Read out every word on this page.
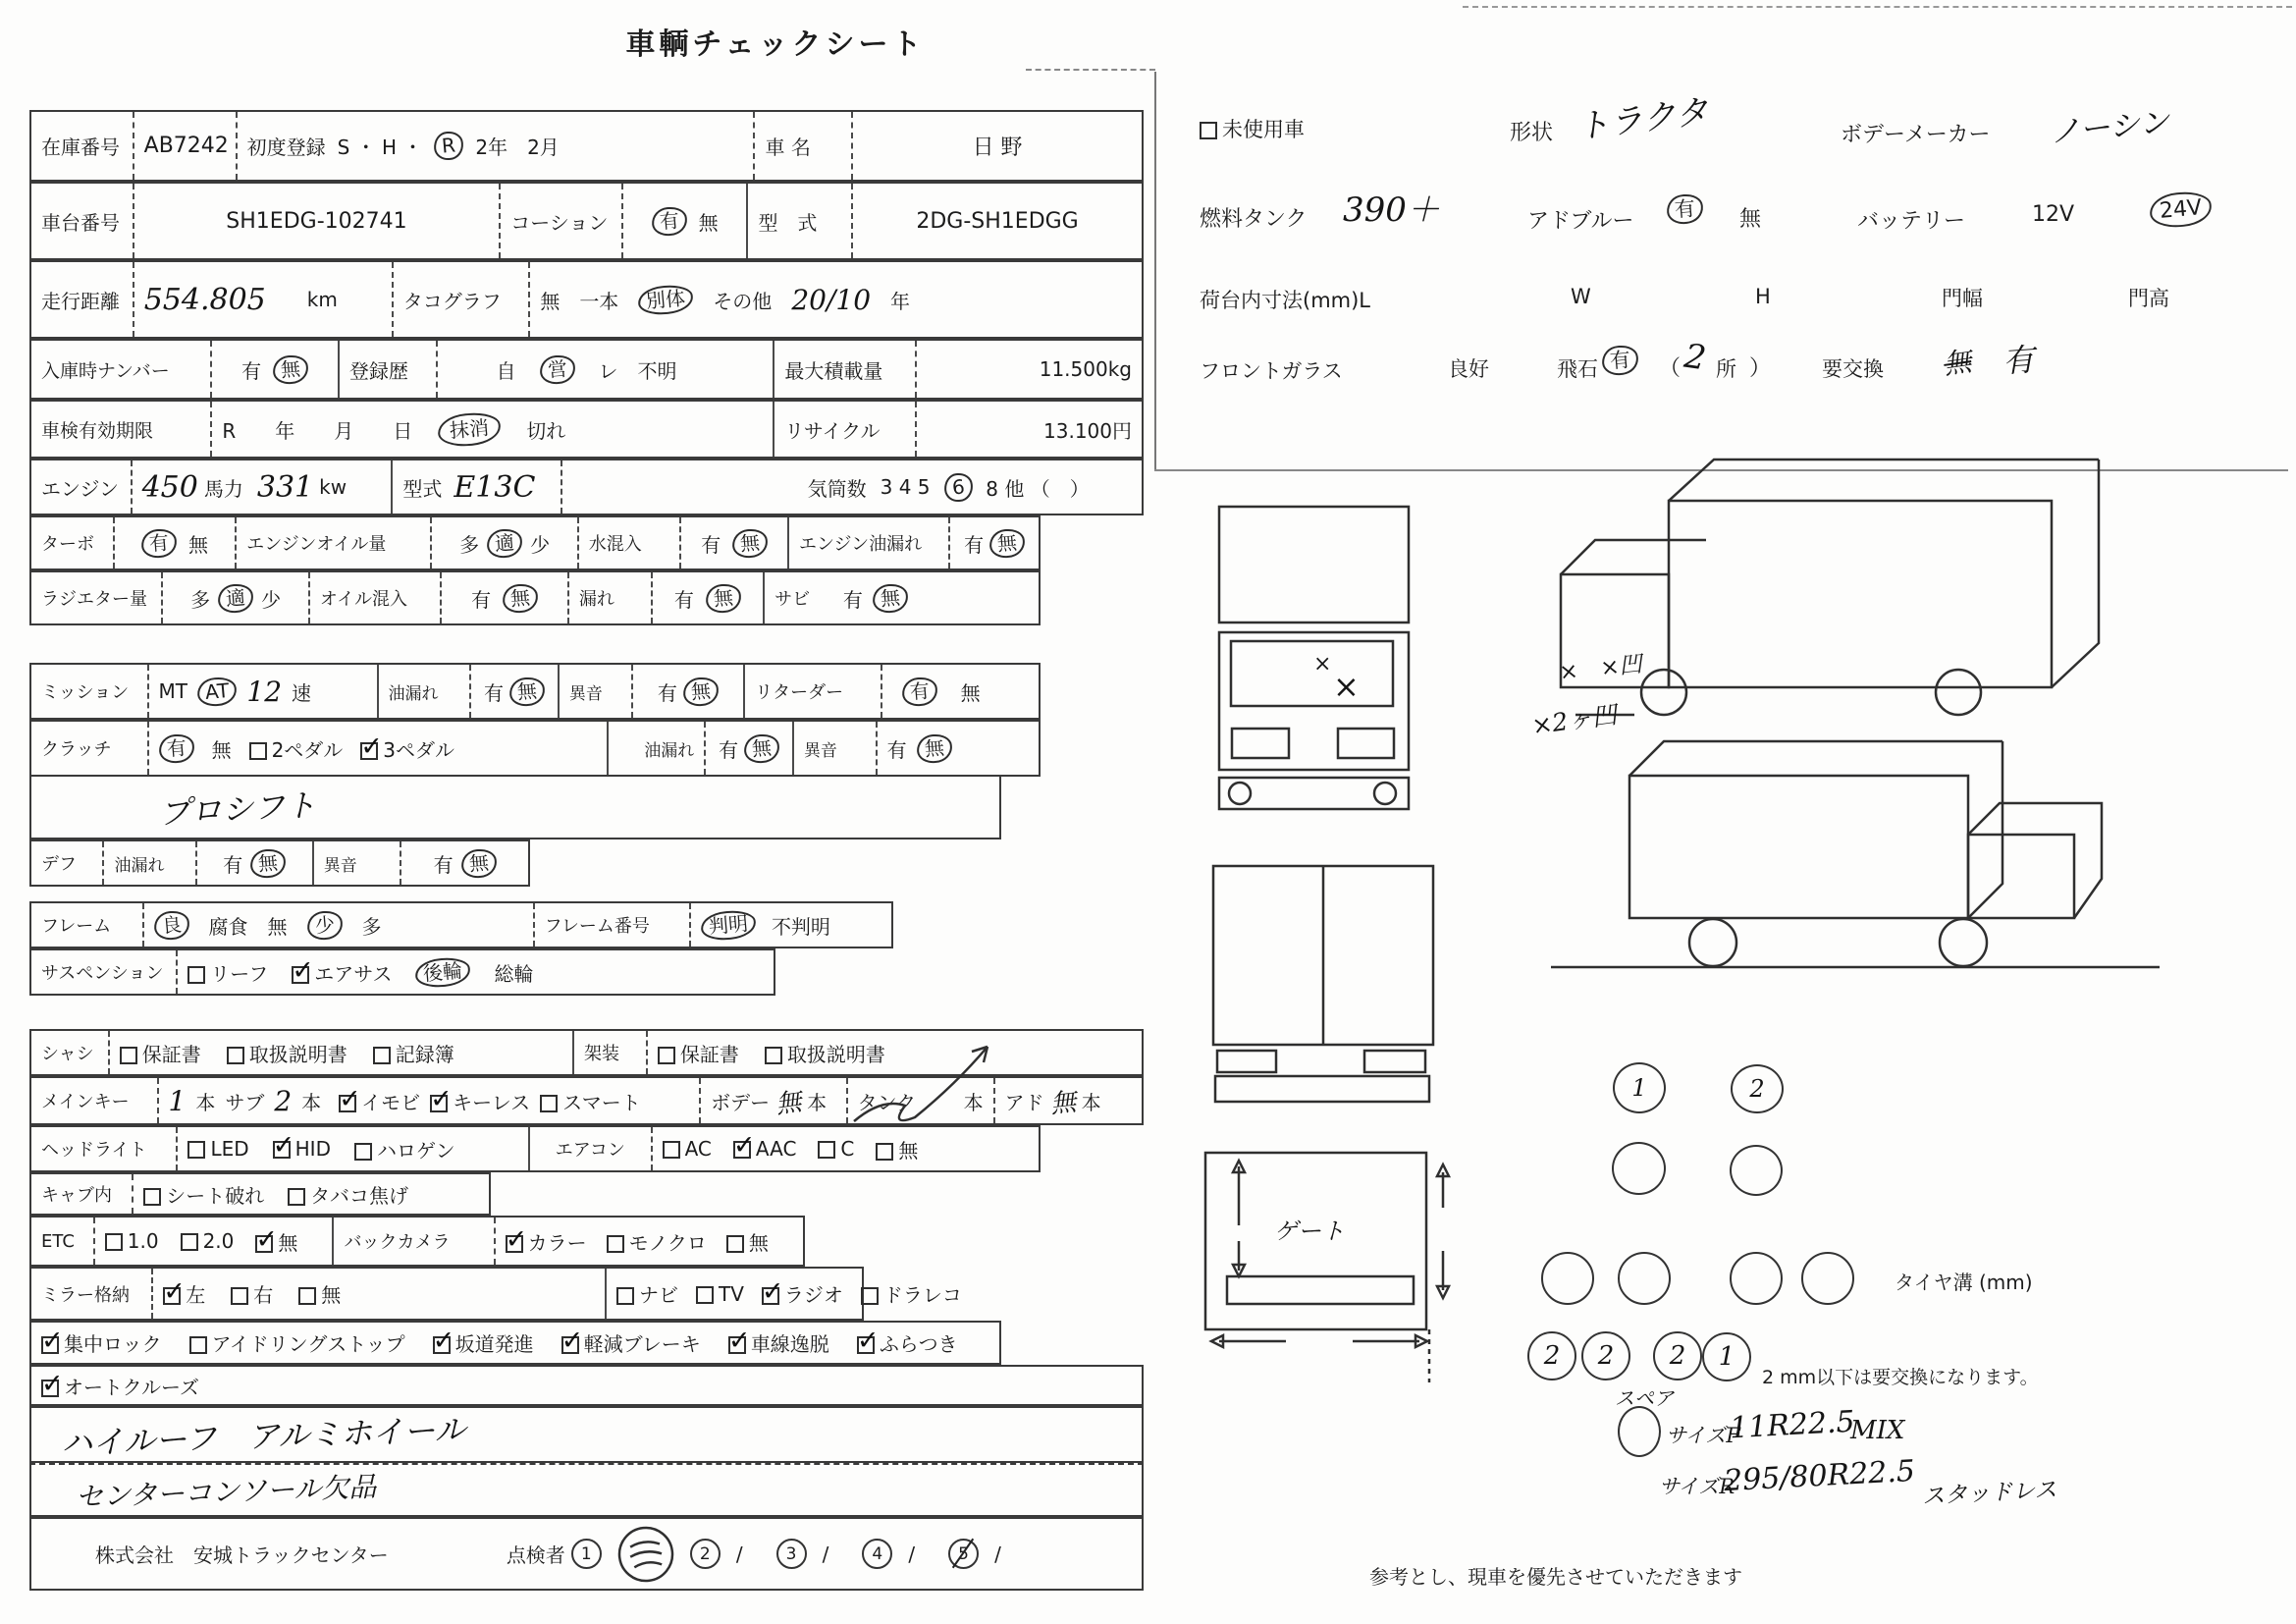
車輌チェックシート
在庫番号 AB7242 初度登録 S ・ H ・ R 2年　2月	車 名	日 野
車台番号	SH1EDG-102741	コーション	有 無 型　式	2DG-SH1EDGG
走行距離 554.805 km	タコグラフ 無 一本	別体	その他 20/10 年
入庫時ナンバー	有 無	登録歴	自	営	レ　不明	最大積載量	11.500kg
車検有効期限	R　　年　　月　　日	抹消	切れ	リサイクル	13.100円
エンジン 450 馬力 331 kw	型式 E13C	気筒数 3 4 5	6	8 他 （　）
ターボ	有 無 エンジンオイル量	多 適 少 水混入	有 無	エンジン油漏れ 有 無
ラジエター量 多 適 少 オイル混入	有 無	漏れ	有 無	サビ 有 無
ミッション MT AT 12 速	油漏れ 有 無	異音	有 無	リターダー	有	無
クラッチ	有	無	2ペダル ✓	3ペダル	油漏れ 有 無	異音	有 無
プロシフト
デフ 油漏れ	有 無	異音	有 無
フレーム	良	腐食 無	少	多	フレーム番号	判明	不判明
サスペンション	リーフ ✓	エアサス	後輪	総輪
シャシ	保証書	取扱説明書	記録簿	架装	保証書	取扱説明書
メインキー 1 本 サブ 2 本 ✓	イモビ ✓	キーレス	スマート	ボデー 無 本 タンク 本 アド 無 本
ヘッドライト	LED ✓	HID	ハロゲン	エアコン	AC ✓	AAC	C	無
キャブ内	シート破れ	タバコ焦げ
ETC	1.0	2.0 ✓	無	バックカメラ ✓	カラー	モノクロ	無
ミラー格納 ✓	左	右	無	ナビ	TV ✓	ラジオ	ドラレコ
✓集中ロック	アイドリングストップ ✓	坂道発進 ✓	軽減ブレーキ ✓	車線逸脱 ✓	ふらつき
✓オートクルーズ
ハイルーフ　アルミホイール
センターコンソール欠品
株式会社　安城トラックセンター	点検者 1	2	/	3	/	4	/	5	/
未使用車	形状 トラクタ	ボデーメーカー ノーシン
燃料タンク 390＋	アドブルー	有	無	バッテリー	12V	24V
荷台内寸法(mm)L	W	H	門幅	門高
フロントガラス	良好	飛石 有	（ 2 所 ） 要交換 無 有
×
×
ゲート
×　×凹
×2ヶ凹
1	2
タイヤ溝 (mm)
2 2 2 1
2 mm以下は要交換になります。
スペア
サイズF
11R22.5
MIX
サイズR
295/80R22.5 スタッドレス
参考とし、現車を優先させていただきます
